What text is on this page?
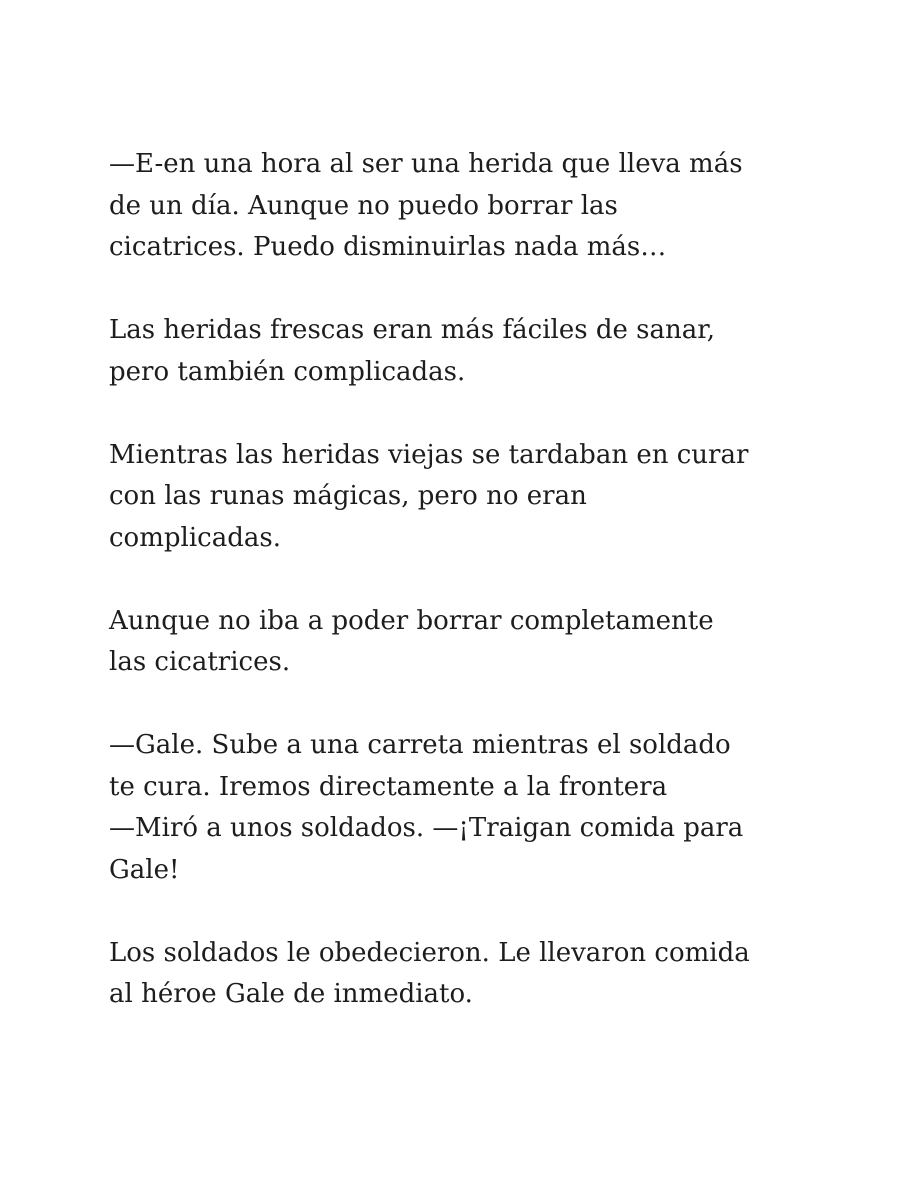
—E-en una hora al ser una herida que lleva más
de un día. Aunque no puedo borrar las
cicatrices. Puedo disminuirlas nada más…

Las heridas frescas eran más fáciles de sanar,
pero también complicadas.

Mientras las heridas viejas se tardaban en curar
con las runas mágicas, pero no eran
complicadas.

Aunque no iba a poder borrar completamente
las cicatrices.

—Gale. Sube a una carreta mientras el soldado
te cura. Iremos directamente a la frontera
—Miró a unos soldados. —¡Traigan comida para
Gale!

Los soldados le obedecieron. Le llevaron comida
al héroe Gale de inmediato.
